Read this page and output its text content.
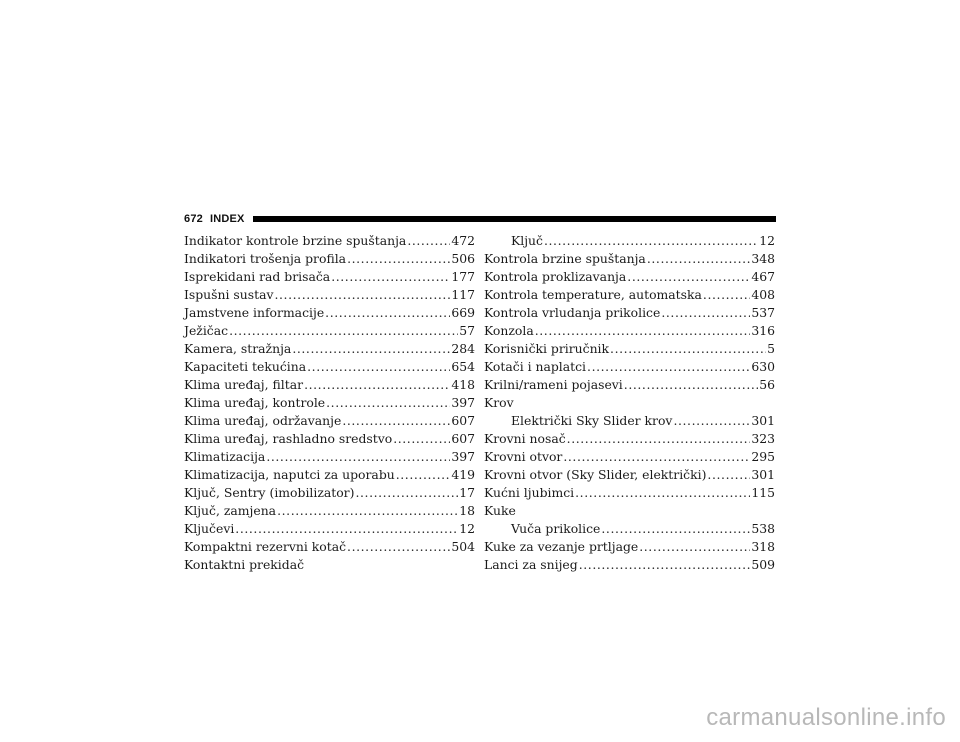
672 INDEX
Indikator kontrole brzine spuštanja .....	472
Indikatori trošenja profila .....	506
Isprekidani rad brisača .....	177
Ispušni sustav .....	117
Jamstvene informacije .....	669
Ježičac .....	57
Kamera, stražnja .....	284
Kapaciteti tekućina .....	654
Klima uređaj, filtar .....	418
Klima uređaj, kontrole .....	397
Klima uređaj, održavanje .....	607
Klima uređaj, rashladno sredstvo .....	607
Klimatizacija .....	397
Klimatizacija, naputci za uporabu .....	419
Ključ, Sentry (imobilizator) .....	17
Ključ, zamjena .....	18
Ključevi .....	12
Kompaktni rezervni kotač .....	504
Kontaktni prekidač
Ključ .....	12
Kontrola brzine spuštanja .....	348
Kontrola proklizavanja .....	467
Kontrola temperature, automatska .....	408
Kontrola vrludanja prikolice .....	537
Konzola .....	316
Korisnički priručnik .....	5
Kotači i naplatci .....	630
Krilni/rameni pojasevi .....	56
Krov
Električki Sky Slider krov .....	301
Krovni nosač .....	323
Krovni otvor .....	295
Krovni otvor (Sky Slider, električki) .....	301
Kućni ljubimci .....	115
Kuke
Vuča prikolice .....	538
Kuke za vezanje prtljage .....	318
Lanci za snijeg .....	509
carmanualsonline.info
